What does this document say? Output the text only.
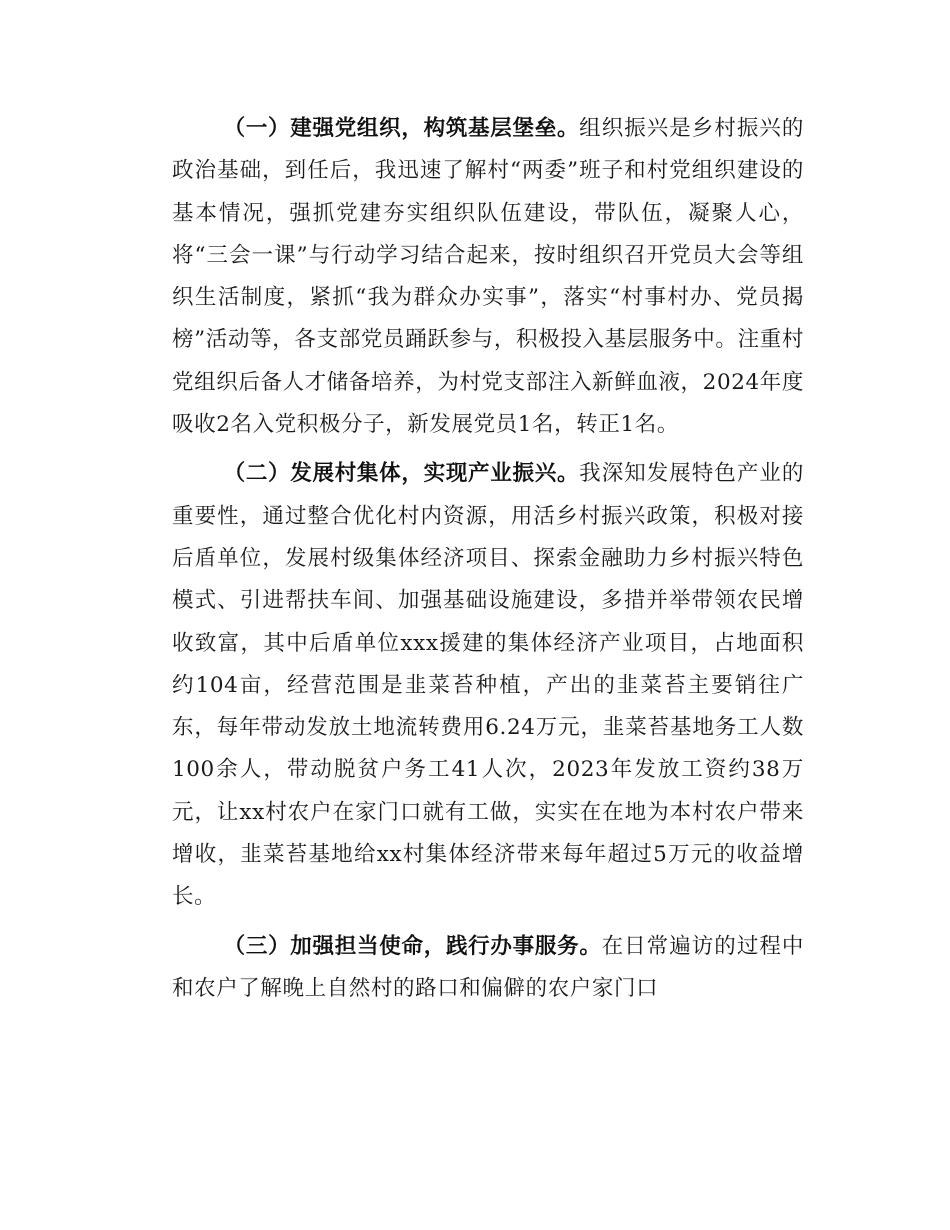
（一）建强党组织，构筑基层堡垒。组织振兴是乡村振兴的政治基础，到任后，我迅速了解村“两委”班子和村党组织建设的基本情况，强抓党建夯实组织队伍建设，带队伍，凝聚人心，将“三会一课”与行动学习结合起来，按时组织召开党员大会等组织生活制度，紧抓“我为群众办实事”，落实“村事村办、党员揭榜”活动等，各支部党员踊跃参与，积极投入基层服务中。注重村党组织后备人才储备培养，为村党支部注入新鲜血液，2024年度吸收2名入党积极分子，新发展党员1名，转正1名。

（二）发展村集体，实现产业振兴。我深知发展特色产业的重要性，通过整合优化村内资源，用活乡村振兴政策，积极对接后盾单位，发展村级集体经济项目、探索金融助力乡村振兴特色模式、引进帮扶车间、加强基础设施建设，多措并举带领农民增收致富，其中后盾单位xxx援建的集体经济产业项目，占地面积约104亩，经营范围是韭菜苔种植，产出的韭菜苔主要销往广东，每年带动发放土地流转费用6.24万元，韭菜苔基地务工人数100余人，带动脱贫户务工41人次，2023年发放工资约38万元，让xx村农户在家门口就有工做，实实在在地为本村农户带来增收，韭菜苔基地给xx村集体经济带来每年超过5万元的收益增长。

（三）加强担当使命，践行办事服务。在日常遍访的过程中和农户了解晚上自然村的路口和偏僻的农户家门口
